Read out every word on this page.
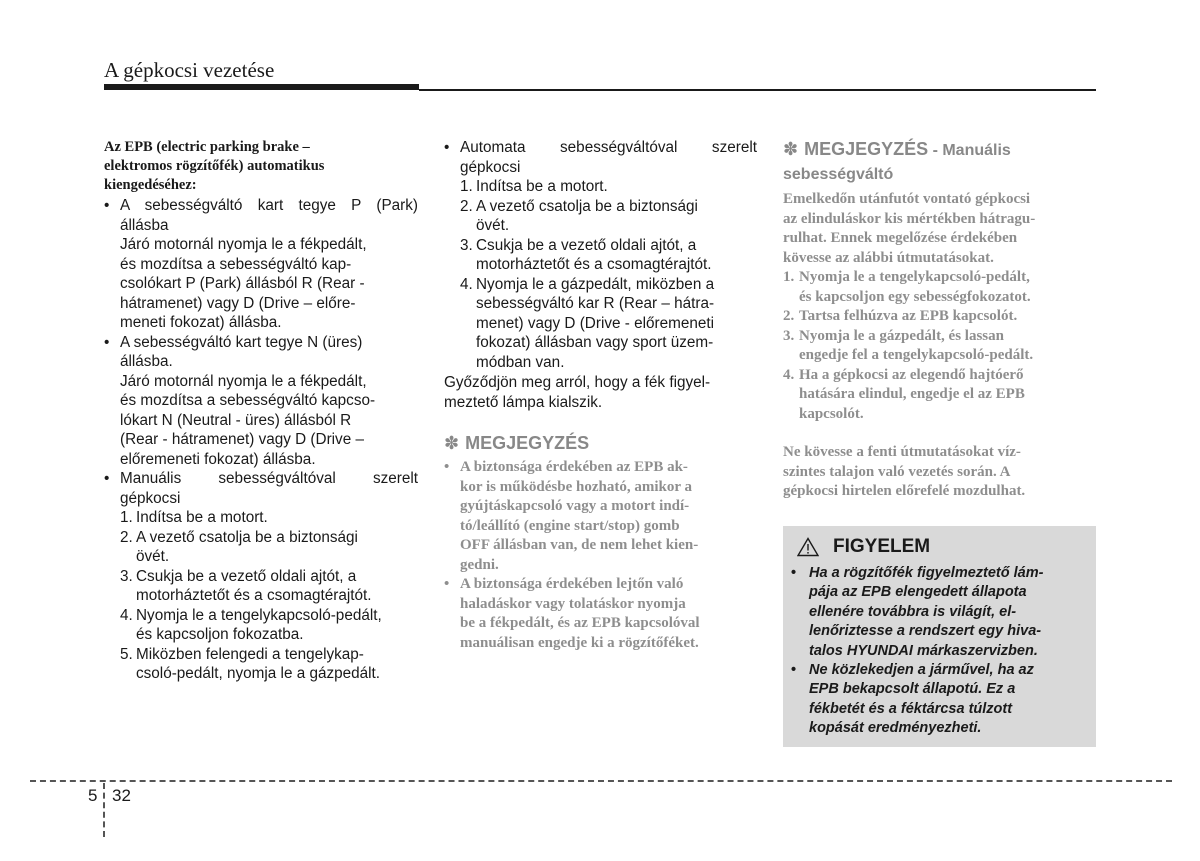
A gépkocsi vezetése
Az EPB (electric parking brake –
elektromos rögzítőfék) automatikus
kiengedéséhez:
• A sebességváltó kart tegye P (Park)
állásba
Járó motornál nyomja le a fékpedált,
és mozdítsa a sebességváltó kap-
csolókart P (Park) állásból R (Rear -
hátramenet) vagy D (Drive – előre-
meneti fokozat) állásba.
• A sebességváltó kart tegye N (üres)
állásba.
Járó motornál nyomja le a fékpedált,
és mozdítsa a sebességváltó kapcso-
lókart N (Neutral - üres) állásból R
(Rear - hátramenet) vagy D (Drive –
előremeneti fokozat) állásba.
• Manuális sebességváltóval szerelt
gépkocsi
1. Indítsa be a motort.
2. A vezető csatolja be a biztonsági
övét.
3. Csukja be a vezető oldali ajtót, a
motorháztetőt és a csomagtérajtót.
4. Nyomja le a tengelykapcsoló-pedált,
és kapcsoljon fokozatba.
5. Miközben felengedi a tengelykap-
csoló-pedált, nyomja le a gázpedált.
• Automata sebességváltóval szerelt
gépkocsi
1. Indítsa be a motort.
2. A vezető csatolja be a biztonsági
övét.
3. Csukja be a vezető oldali ajtót, a
motorháztetőt és a csomagtérajtót.
4. Nyomja le a gázpedált, miközben a
sebességváltó kar R (Rear – hátra-
menet) vagy D (Drive - előremeneti
fokozat) állásban vagy sport üzem-
módban van.
Győződjön meg arról, hogy a fék figyel-
meztető lámpa kialszik.
✽ MEGJEGYZÉS
• A biztonsága érdekében az EPB ak-
kor is működésbe hozható, amikor a
gyújtáskapcsoló vagy a motort indí-
tó/leállító (engine start/stop) gomb
OFF állásban van, de nem lehet kien-
gedni.
• A biztonsága érdekében lejtőn való
haladáskor vagy tolatáskor nyomja
be a fékpedált, és az EPB kapcsolóval
manuálisan engedje ki a rögzítőféket.
✽ MEGJEGYZÉS - Manuális
sebességváltó
Emelkedőn utánfutót vontató gépkocsi
az elinduláskor kis mértékben hátragu-
rulhat. Ennek megelőzése érdekében
kövesse az alábbi útmutatásokat.
1. Nyomja le a tengelykapcsoló-pedált,
és kapcsoljon egy sebességfokozatot.
2. Tartsa felhúzva az EPB kapcsolót.
3. Nyomja le a gázpedált, és lassan
engedje fel a tengelykapcsoló-pedált.
4. Ha a gépkocsi az elegendő hajtóerő
hatására elindul, engedje el az EPB
kapcsolót.
Ne kövesse a fenti útmutatásokat víz-
szintes talajon való vezetés során. A
gépkocsi hirtelen előrefelé mozdulhat.
FIGYELEM
• Ha a rögzítőfék figyelmeztető lám-
pája az EPB elengedett állapota
ellenére továbbra is világít, el-
lenőriztesse a rendszert egy hiva-
talos HYUNDAI márkaszervizben.
• Ne közlekedjen a járművel, ha az
EPB bekapcsolt állapotú. Ez a
fékbetét és a féktárcsa túlzott
kopását eredményezheti.
5 32
